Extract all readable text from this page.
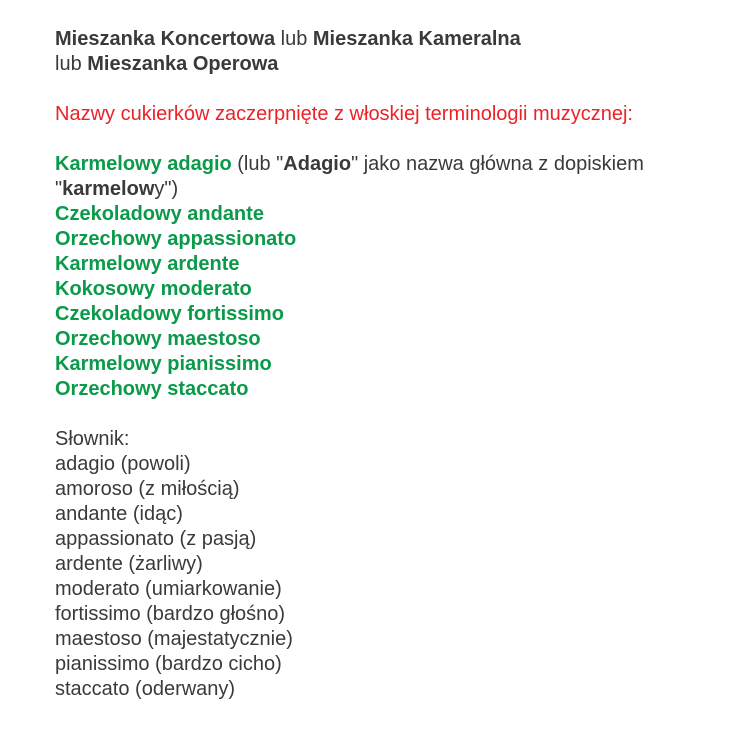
Mieszanka Koncertowa lub Mieszanka Kameralna

lub Mieszanka Operowa

Nazwy cukierków zaczerpnięte z włoskiej terminologii muzycznej:

Karmelowy adagio (lub "Adagio" jako nazwa główna z dopiskiem
"karmelowy")

Czekoladowy andante

Orzechowy appassionato

Karmelowy ardente

Kokosowy moderato

Czekoladowy fortissimo

Orzechowy maestoso

Karmelowy pianissimo

Orzechowy staccato

Słownik:

adagio (powoli)

amoroso (z miłością)

andante (idąc)

appassionato (z pasją)

ardente (żarliwy)

moderato (umiarkowanie)

fortissimo (bardzo głośno)

maestoso (majestatycznie)

pianissimo (bardzo cicho)

staccato (oderwany)
